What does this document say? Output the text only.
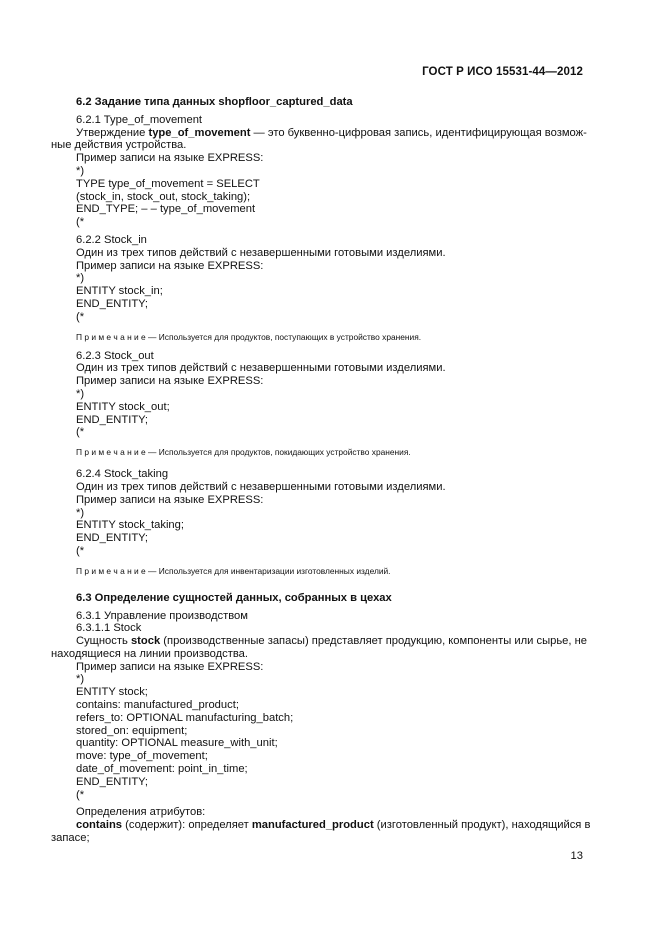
ГОСТ Р ИСО 15531-44—2012
6.2 Задание типа данных shopfloor_captured_data
6.2.1 Type_of_movement
Утверждение type_of_movement — это буквенно-цифровая запись, идентифицирующая возмож-
ные действия устройства.
Пример записи на языке EXPRESS:
*)
TYPE type_of_movement = SELECT
(stock_in, stock_out, stock_taking);
END_TYPE; – – type_of_movement
(*
6.2.2 Stock_in
Один из трех типов действий с незавершенными готовыми изделиями.
Пример записи на языке EXPRESS:
*)
ENTITY stock_in;
END_ENTITY;
(*
П р и м е ч а н и е — Используется для продуктов, поступающих в устройство хранения.
6.2.3 Stock_out
Один из трех типов действий с незавершенными готовыми изделиями.
Пример записи на языке EXPRESS:
*)
ENTITY stock_out;
END_ENTITY;
(*
П р и м е ч а н и е — Используется для продуктов, покидающих устройство хранения.
6.2.4 Stock_taking
Один из трех типов действий с незавершенными готовыми изделиями.
Пример записи на языке EXPRESS:
*)
ENTITY stock_taking;
END_ENTITY;
(*
П р и м е ч а н и е — Используется для инвентаризации изготовленных изделий.
6.3 Определение сущностей данных, собранных в цехах
6.3.1 Управление производством
6.3.1.1 Stock
Сущность stock (производственные запасы) представляет продукцию, компоненты или сырье, не
находящиеся на линии производства.
Пример записи на языке EXPRESS:
*)
ENTITY stock;
contains: manufactured_product;
refers_to: OPTIONAL manufacturing_batch;
stored_on: equipment;
quantity: OPTIONAL measure_with_unit;
move: type_of_movement;
date_of_movement: point_in_time;
END_ENTITY;
(*
Определения атрибутов:
contains (содержит): определяет manufactured_product (изготовленный продукт), находящийся в
запасе;
13
